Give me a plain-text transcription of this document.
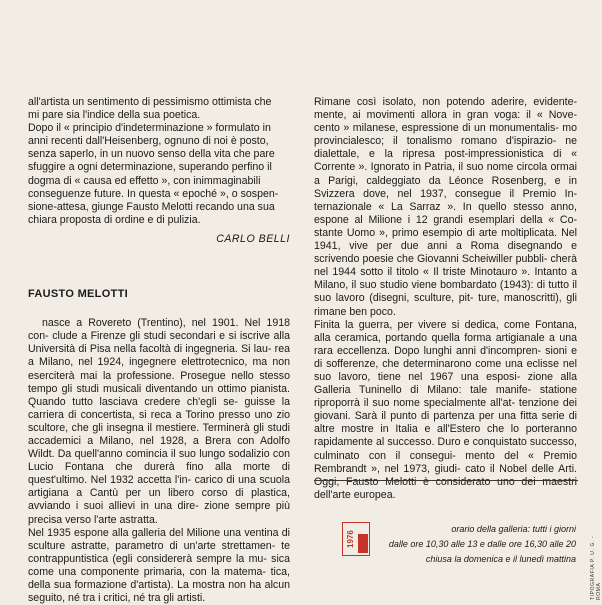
all'artista un sentimento di pessimismo ottimista che

mi pare sia l'indice della sua poetica.

Dopo il « principio d'indeterminazione » formulato in

anni recenti dall'Heisenberg, ognuno di noi è posto,

senza saperlo, in un nuovo senso della vita che pare

sfuggire a ogni determinazione, superando perfino il

dogma di « causa ed effetto », con inimmaginabili

conseguenze future. In questa « epoché », o sospen-

sione-attesa, giunge Fausto Melotti recando una sua

chiara proposta di ordine e di pulizia.

CARLO BELLI
FAUSTO MELOTTI

nasce a Rovereto (Trentino), nel 1901. Nel 1918 con- clude a Firenze gli studi secondari e si iscrive alla Università di Pisa nella facoltà di ingegneria. Si lau- rea a Milano, nel 1924, ingegnere elettrotecnico, ma non eserciterà mai la professione. Prosegue nello stesso tempo gli studi musicali diventando un ottimo pianista. Quando tutto lasciava credere ch'egli se- guisse la carriera di concertista, si reca a Torino presso uno zio scultore, che gli insegna il mestiere. Terminerà gli studi accademici a Milano, nel 1928, a Brera con Adolfo Wildt. Da quell'anno comincia il suo lungo sodalizio con Lucio Fontana che durerà fino alla morte di quest'ultimo. Nel 1932 accetta l'in- carico di una scuola artigiana a Cantù per un libero corso di plastica, avviando i suoi allievi in una dire- zione sempre più precisa verso l'arte astratta.

Nel 1935 espone alla galleria del Milione una ventina di sculture astratte, parametro di un'arte strettamen- te contrappuntistica (egli considererà sempre la mu- sica come una componente primaria, con la matema- tica, della sua formazione d'artista). La mostra non ha alcun seguito, né tra i critici, né tra gli artisti.

Rimane così isolato, non potendo aderire, evidente- mente, ai movimenti allora in gran voga: il « Nove- cento » milanese, espressione di un monumentalis- mo provincialesco; il tonalismo romano d'ispirazio- ne dialettale, e la ripresa post-impressionistica di « Corrente ». Ignorato in Patria, il suo nome circola ormai a Parigi, caldeggiato da Léonce Rosenberg, e in Svizzera dove, nel 1937, consegue il Premio In- ternazionale « La Sarraz ». In quello stesso anno, espone al Milione i 12 grandi esemplari della « Co- stante Uomo », primo esempio di arte moltiplicata. Nel 1941, vive per due anni a Roma disegnando e scrivendo poesie che Giovanni Scheiwiller pubbli- cherà nel 1944 sotto il titolo « Il triste Minotauro ». Intanto a Milano, il suo studio viene bombardato (1943): di tutto il suo lavoro (disegni, sculture, pit- ture, manoscritti), gli rimane ben poco.

Finita la guerra, per vivere si dedica, come Fontana, alla ceramica, portando quella forma artigianale a una rara eccellenza. Dopo lunghi anni d'incompren- sioni e di sofferenze, che determinarono come una eclisse nel suo lavoro, tiene nel 1967 una esposi- zione alla Galleria Tuninello di Milano: tale manife- statione riproporrà il suo nome specialmente all'at- tenzione dei giovani. Sarà il punto di partenza per una fitta serie di altre mostre in Italia e all'Estero che lo porteranno rapidamente al successo. Duro e conquistato successo, culminato con il consegui- mento del « Premio Rembrandt », nel 1973, giudi- cato il Nobel delle Arti. Oggi, Fausto Melotti è considerato uno dei maestri dell'arte europea.

1976
orario della galleria: tutti i giorni
dalle ore 10,30 alle 13 e dalle ore 16,30 alle 20
chiusa la domenica e il lunedì mattina	TIPOGRAFIA P. U. G. - ROMA
